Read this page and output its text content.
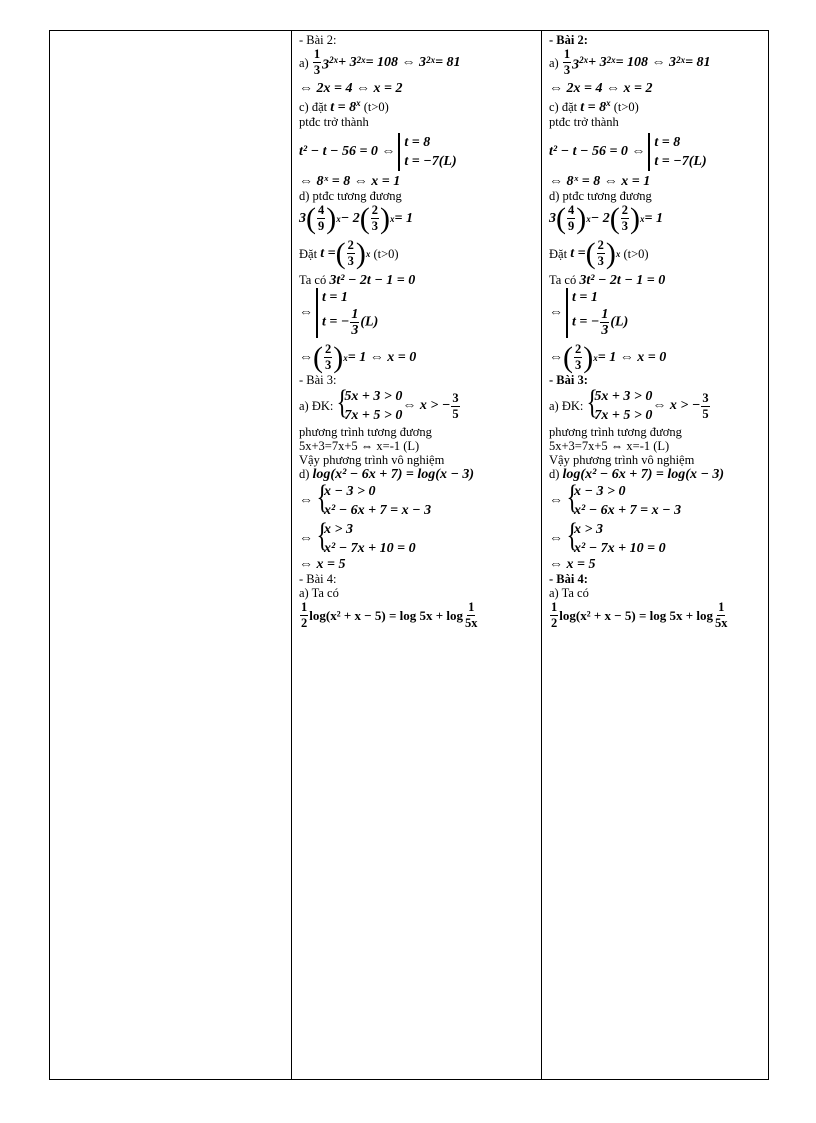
- Bài 2:
a)
$\frac{1}{3} 3^{2x} + 3$ $^{2x}$ = 108 ⇔ 3 $^{2x}$ = 81
⇔ 2x = 4 ⇔ x = 2
c) đặt $t = 8^x$ (t>0)
ptđc trở thành
t² − t − 56 = 0 ⇔
t = 8
t = −7(L)
⇔ 8ˣ = 8 ⇔ x = 1
d) ptđc tương đương
3 ( $\frac{4}{9}$ ) x − 2 ( $\frac{2}{3}$ ) x = 1
Đặt
t = ( $\frac{2}{3}$ ) x
(t>0)
Ta có 3t² − 2t − 1 = 0
⇔
t = 1
t = − $\frac{1}{3} (L)$
⇔ ( $\frac{2}{3}$ ) x = 1 ⇔ x = 0
- Bài 3:
a) ĐK:
{ 5x + 3 > 0
7x + 5 > 0
⇔ x > − $\frac{3}{5}$
phương trình tương đương
5x+3=7x+5 ⇔ x=-1 (L)
Vậy phương trình vô nghiệm
d) log(x² − 6x + 7) = log(x − 3)
⇔
{ x − 3 > 0
x² − 6x + 7 = x − 3
⇔
{ x > 3
x² − 7x + 10 = 0
⇔ x = 5
- Bài 4:
a) Ta có
$\frac{1}{2} \log(x^2 + x - 5) = \log 5x + \log \frac{1}{5x}$
- Bài 2:
a)
$\frac{1}{3} 3^{2x} + 3$ $^{2x}$ = 108 ⇔ 3 $^{2x}$ = 81
⇔ 2x = 4 ⇔ x = 2
c) đặt $t = 8^x$ (t>0)
ptđc trở thành
t² − t − 56 = 0 ⇔
t = 8
t = −7(L)
⇔ 8ˣ = 8 ⇔ x = 1
d) ptđc tương đương
3 ( $\frac{4}{9}$ ) x − 2 ( $\frac{2}{3}$ ) x = 1
Đặt
t = ( $\frac{2}{3}$ ) x
(t>0)
Ta có 3t² − 2t − 1 = 0
⇔
t = 1
t = − $\frac{1}{3} (L)$
⇔ ( $\frac{2}{3}$ ) x = 1 ⇔ x = 0
- Bài 3:
a) ĐK:
{ 5x + 3 > 0
7x + 5 > 0
⇔ x > − $\frac{3}{5}$
phương trình tương đương
5x+3=7x+5 ⇔ x=-1 (L)
Vậy phương trình vô nghiệm
d) log(x² − 6x + 7) = log(x − 3)
⇔
{ x − 3 > 0
x² − 6x + 7 = x − 3
⇔
{ x > 3
x² − 7x + 10 = 0
⇔ x = 5
- Bài 4:
a) Ta có
$\frac{1}{2} \log(x^2 + x - 5) = \log 5x + \log \frac{1}{5x}$
